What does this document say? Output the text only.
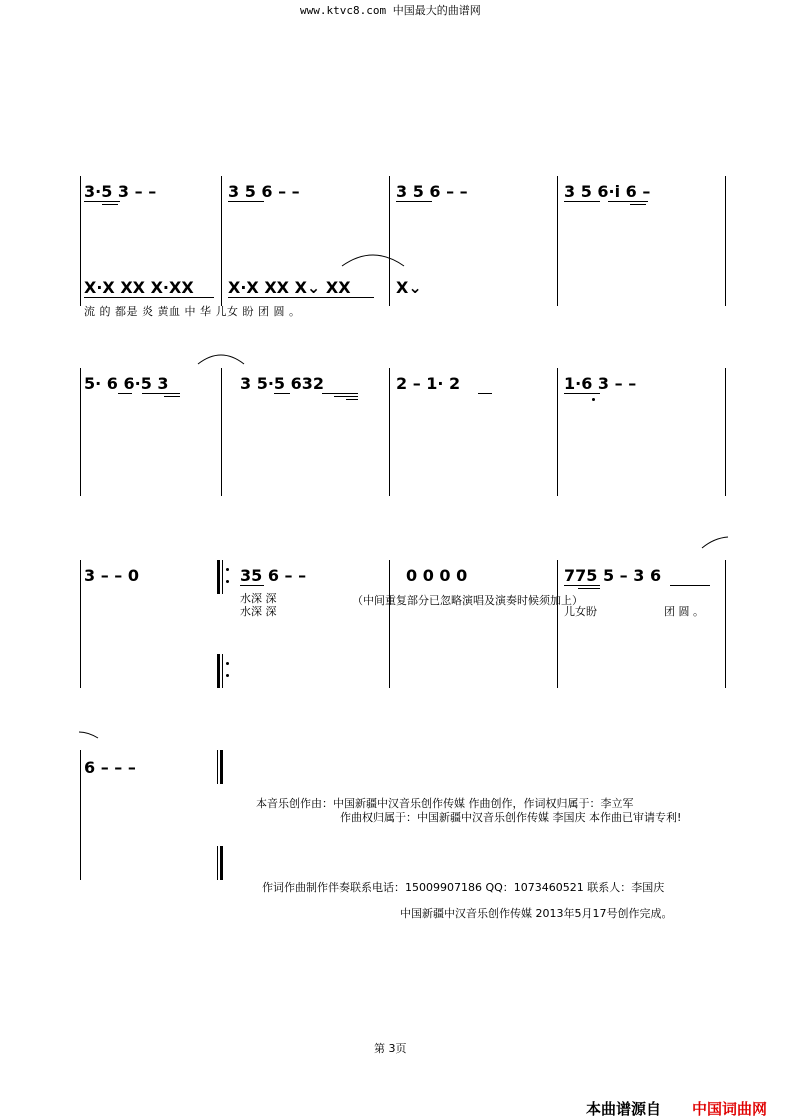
www.ktvc8.com 中国最大的曲谱网
3·5 3 – –	3 5 6 – –	3 5 6 – –	3 5 6·i 6 –
X·X XX X·XX X·X XX X⌄ XX	X⌄
流 的 都是 炎 黄血 中 华 儿女 盼 团 圆 。
5· 6 6·5 3	3 5·5 632	2 – 1· 2	1·6 3 – –
3 – – 0	35 6 – –	0 0 0 0	775 5 – 3 6
水深 深
水深 深
（中间重复部分已忽略演唱及演奏时候须加上）
儿女盼	团 圆 。
6 – – –
本音乐创作由：中国新疆中汉音乐创作传媒 作曲创作，作词权归属于：李立军
作曲权归属于：中国新疆中汉音乐创作传媒 李国庆 本作曲已审请专利!
作词作曲制作伴奏联系电话：15009907186 QQ：1073460521 联系人：李国庆
中国新疆中汉音乐创作传媒 2013年5月17号创作完成。
第 3页
本曲谱源自 中国词曲网
